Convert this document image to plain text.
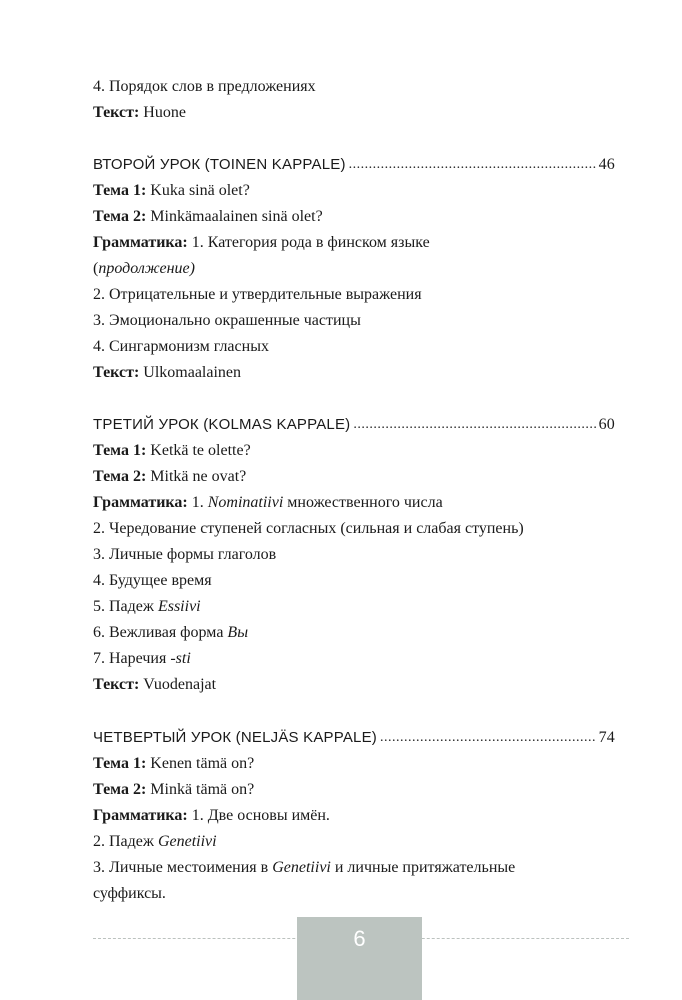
4. Порядок слов в предложениях
Текст: Huone
ВТОРОЙ УРОК (TOINEN KAPPALE) .....	46
Тема 1: Kuka sinä olet?
Тема 2: Minkämaalainen sinä olet?
Грамматика: 1. Категория рода в финском языке
(продолжение)
2. Отрицательные и утвердительные выражения
3. Эмоционально окрашенные частицы
4. Сингармонизм гласных
Текст: Ulkomaalainen
ТРЕТИЙ УРОК (KOLMAS KAPPALE) .....	60
Тема 1: Ketkä te olette?
Тема 2: Mitkä ne ovat?
Грамматика: 1. Nominatiivi множественного числа
2. Чередование ступеней согласных (сильная и слабая ступень)
3. Личные формы глаголов
4. Будущее время
5. Падеж Essiivi
6. Вежливая форма Вы
7. Наречия -sti
Текст: Vuodenajat
ЧЕТВЕРТЫЙ УРОК (NELJÄS KAPPALE) .....	74
Тема 1: Kenen tämä on?
Тема 2: Minkä tämä on?
Грамматика: 1. Две основы имён.
2. Падеж Genetiivi
3. Личные местоимения в Genetiivi и личные притяжательные
суффиксы.
6
